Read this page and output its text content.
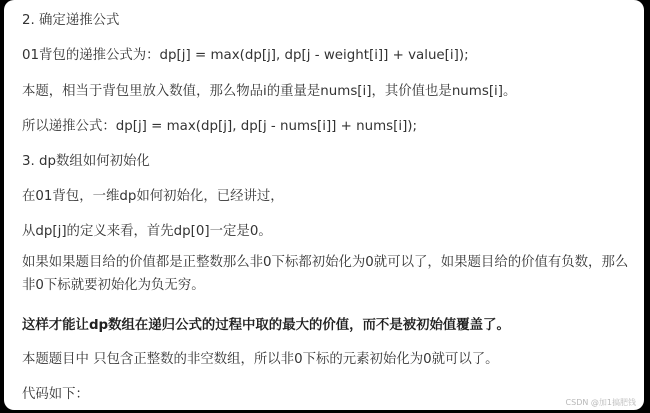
2. 确定递推公式
01背包的递推公式为：dp[j] = max(dp[j], dp[j - weight[i]] + value[i]);
本题，相当于背包里放入数值，那么物品i的重量是nums[i]，其价值也是nums[i]。
所以递推公式：dp[j] = max(dp[j], dp[j - nums[i]] + nums[i]);
3. dp数组如何初始化
在01背包，一维dp如何初始化，已经讲过，
从dp[j]的定义来看，首先dp[0]一定是0。
如果如果题目给的价值都是正整数那么非0下标都初始化为0就可以了，如果题目给的价值有负数，那么非0下标就要初始化为负无穷。
这样才能让dp数组在递归公式的过程中取的最大的价值，而不是被初始值覆盖了。
本题题目中 只包含正整数的非空数组，所以非0下标的元素初始化为0就可以了。
代码如下：
CSDN @加1搞肥钱
